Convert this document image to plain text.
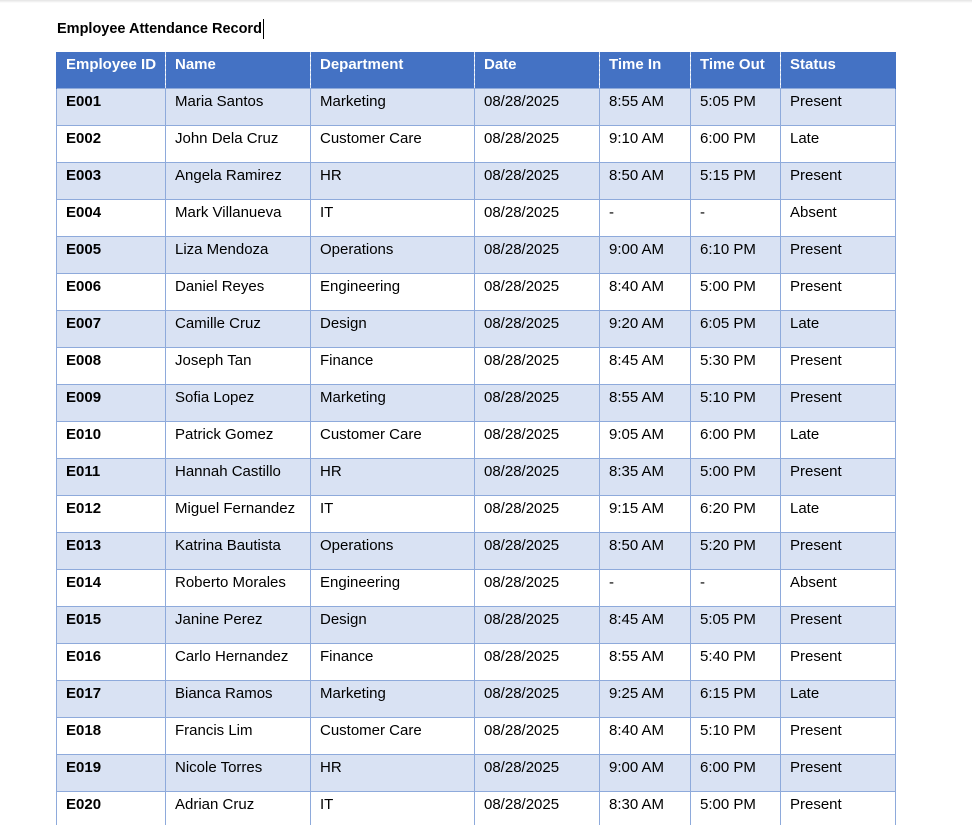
Employee Attendance Record
Employee ID	Name	Department	Date	Time In	Time Out	Status
E001	Maria Santos	Marketing	08/28/2025	8:55 AM	5:05 PM	Present
E002	John Dela Cruz	Customer Care	08/28/2025	9:10 AM	6:00 PM	Late
E003	Angela Ramirez	HR	08/28/2025	8:50 AM	5:15 PM	Present
E004	Mark Villanueva	IT	08/28/2025	-	-	Absent
E005	Liza Mendoza	Operations	08/28/2025	9:00 AM	6:10 PM	Present
E006	Daniel Reyes	Engineering	08/28/2025	8:40 AM	5:00 PM	Present
E007	Camille Cruz	Design	08/28/2025	9:20 AM	6:05 PM	Late
E008	Joseph Tan	Finance	08/28/2025	8:45 AM	5:30 PM	Present
E009	Sofia Lopez	Marketing	08/28/2025	8:55 AM	5:10 PM	Present
E010	Patrick Gomez	Customer Care	08/28/2025	9:05 AM	6:00 PM	Late
E011	Hannah Castillo	HR	08/28/2025	8:35 AM	5:00 PM	Present
E012	Miguel Fernandez	IT	08/28/2025	9:15 AM	6:20 PM	Late
E013	Katrina Bautista	Operations	08/28/2025	8:50 AM	5:20 PM	Present
E014	Roberto Morales	Engineering	08/28/2025	-	-	Absent
E015	Janine Perez	Design	08/28/2025	8:45 AM	5:05 PM	Present
E016	Carlo Hernandez	Finance	08/28/2025	8:55 AM	5:40 PM	Present
E017	Bianca Ramos	Marketing	08/28/2025	9:25 AM	6:15 PM	Late
E018	Francis Lim	Customer Care	08/28/2025	8:40 AM	5:10 PM	Present
E019	Nicole Torres	HR	08/28/2025	9:00 AM	6:00 PM	Present
E020	Adrian Cruz	IT	08/28/2025	8:30 AM	5:00 PM	Present
